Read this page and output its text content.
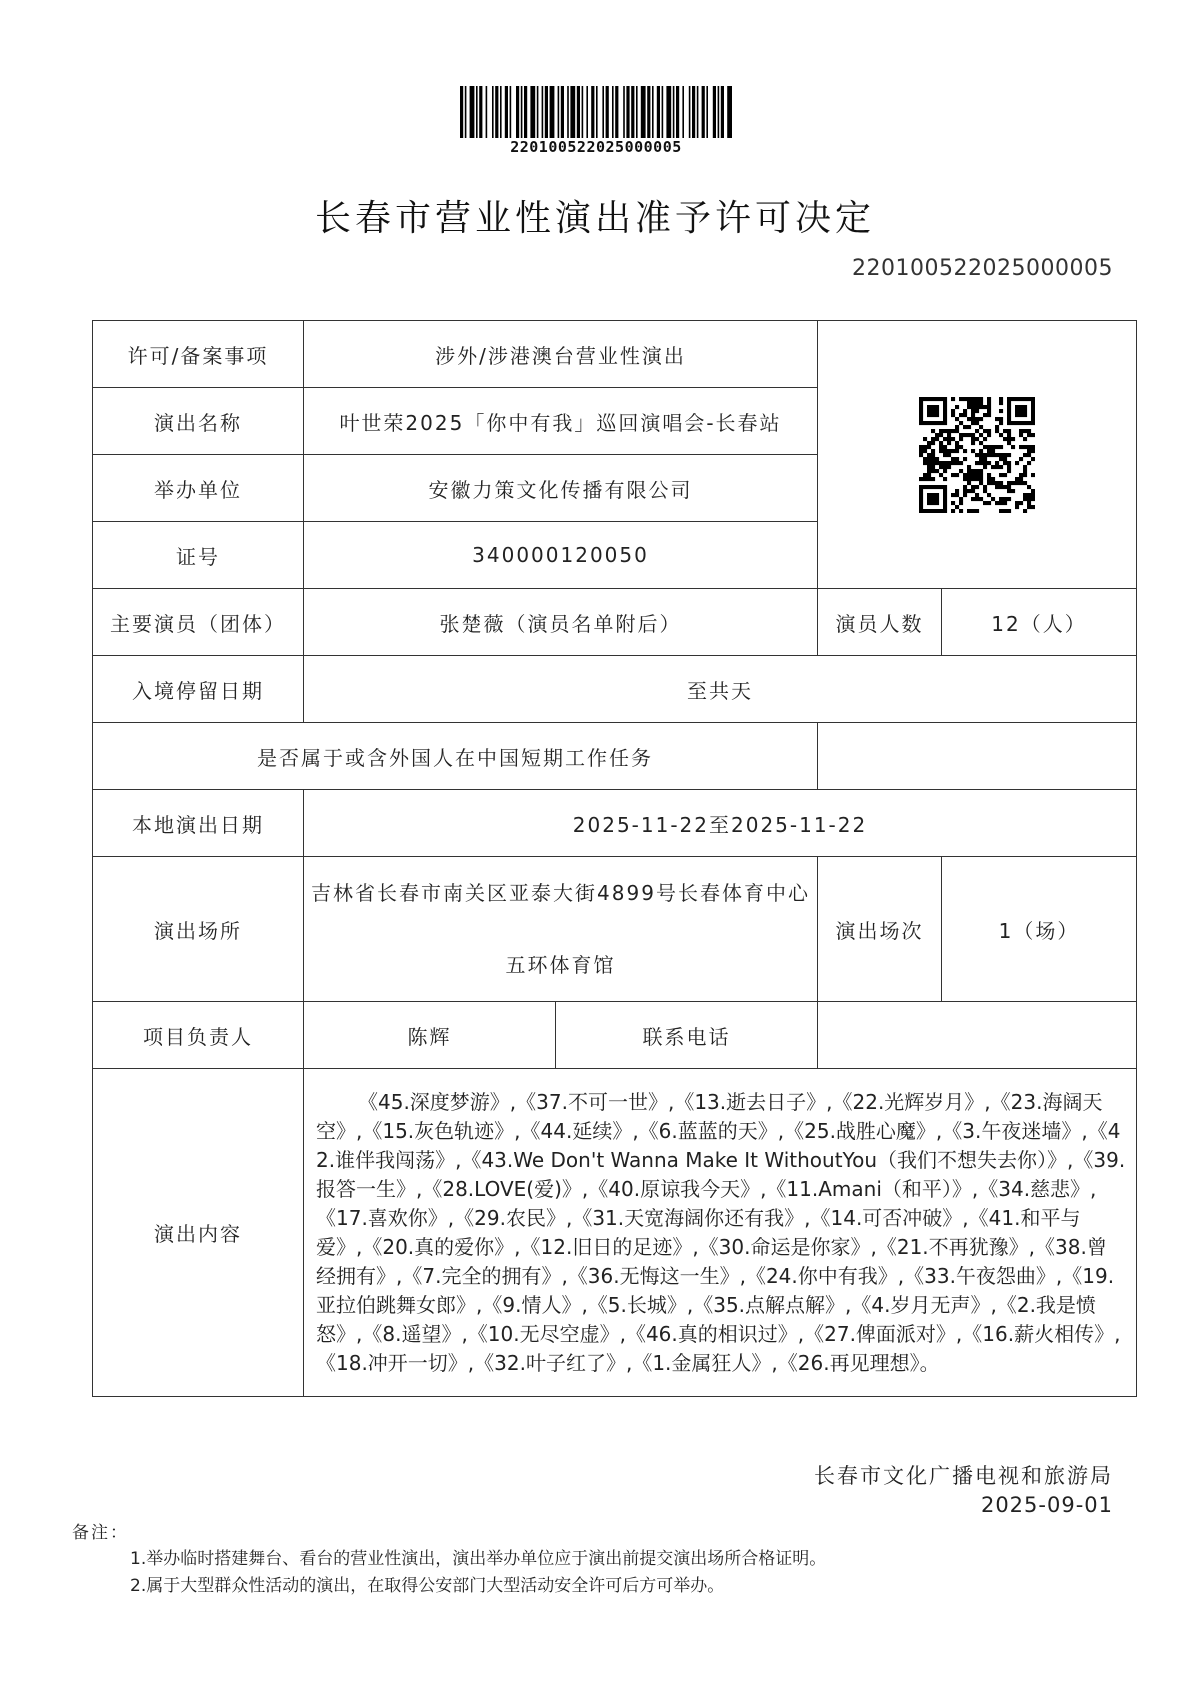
220100522025000005
长春市营业性演出准予许可决定
220100522025000005
许可/备案事项	涉外/涉港澳台营业性演出	

演出名称	叶世荣2025「你中有我」巡回演唱会-长春站			
举办单位	安徽力策文化传播有限公司			
证号	340000120050			
主要演员（团体）	张楚薇（演员名单附后）		演员人数	12（人）
入境停留日期	至共天			
是否属于或含外国人在中国短期工作任务				
本地演出日期	2025-11-22至2025-11-22			
演出场所	吉林省长春市南关区亚泰大街4899号长春体育中心五环体育馆		演出场次	1（场）
项目负责人	陈辉	联系电话		
演出内容	《45.深度梦游》,《37.不可一世》,《13.逝去日子》,《22.光辉岁月》,《23.海阔天空》,《15.灰色轨迹》,《44.延续》,《6.蓝蓝的天》,《25.战胜心魔》,《3.午夜迷墙》,《42.谁伴我闯荡》,《43.We Don't Wanna Make It WithoutYou（我们不想失去你）》,《39.报答一生》,《28.LOVE(爱)》,《40.原谅我今天》,《11.Amani（和平）》,《34.慈悲》,《17.喜欢你》,《29.农民》,《31.天宽海阔你还有我》,《14.可否冲破》,《41.和平与爱》,《20.真的爱你》,《12.旧日的足迹》,《30.命运是你家》,《21.不再犹豫》,《38.曾经拥有》,《7.完全的拥有》,《36.无悔这一生》,《24.你中有我》,《33.午夜怨曲》,《19.亚拉伯跳舞女郎》,《9.情人》,《5.长城》,《35.点解点解》,《4.岁月无声》,《2.我是愤怒》,《8.遥望》,《10.无尽空虚》,《46.真的相识过》,《27.俾面派对》,《16.薪火相传》,《18.冲开一切》,《32.叶子红了》,《1.金属狂人》,《26.再见理想》。			
长春市文化广播电视和旅游局
2025-09-01
备注：
1.举办临时搭建舞台、看台的营业性演出，演出举办单位应于演出前提交演出场所合格证明。
2.属于大型群众性活动的演出，在取得公安部门大型活动安全许可后方可举办。
